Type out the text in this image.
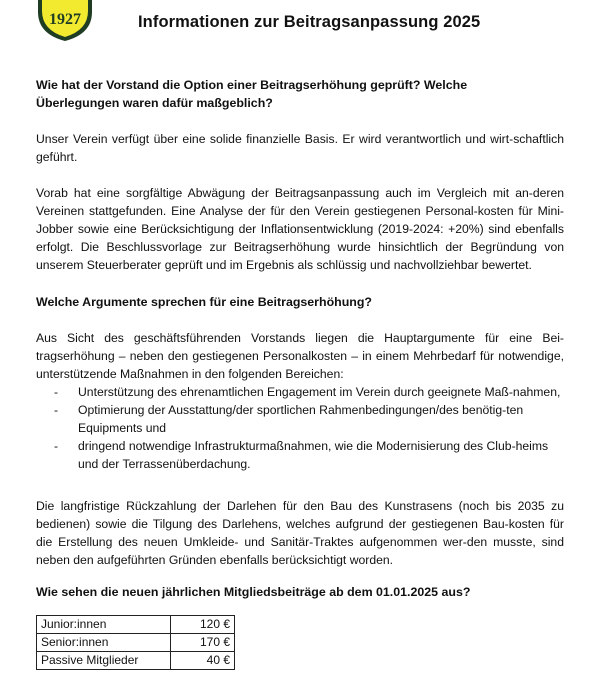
1927	Informationen zur Beitragsanpassung 2025

Wie hat der Vorstand die Option einer Beitragserhöhung geprüft? Welche Überlegungen waren dafür maßgeblich?

Unser Verein verfügt über eine solide finanzielle Basis. Er wird verantwortlich und wirt-schaftlich geführt.

Vorab hat eine sorgfältige Abwägung der Beitragsanpassung auch im Vergleich mit an-deren Vereinen stattgefunden. Eine Analyse der für den Verein gestiegenen Personal-kosten für Mini-Jobber sowie eine Berücksichtigung der Inflationsentwicklung (2019-2024: +20%) sind ebenfalls erfolgt. Die Beschlussvorlage zur Beitragserhöhung wurde hinsichtlich der Begründung von unserem Steuerberater geprüft und im Ergebnis als schlüssig und nachvollziehbar bewertet.

Welche Argumente sprechen für eine Beitragserhöhung?

Aus Sicht des geschäftsführenden Vorstands liegen die Hauptargumente für eine Bei-tragserhöhung – neben den gestiegenen Personalkosten – in einem Mehrbedarf für notwendige, unterstützende Maßnahmen in den folgenden Bereichen:

-	Unterstützung des ehrenamtlichen Engagement im Verein durch geeignete Maß-nahmen,
-	Optimierung der Ausstattung/der sportlichen Rahmenbedingungen/des benötig-ten Equipments und
-	dringend notwendige Infrastrukturmaßnahmen, wie die Modernisierung des Club-heims und der Terrassenüberdachung.

Die langfristige Rückzahlung der Darlehen für den Bau des Kunstrasens (noch bis 2035 zu bedienen) sowie die Tilgung des Darlehens, welches aufgrund der gestiegenen Bau-kosten für die Erstellung des neuen Umkleide- und Sanitär-Traktes aufgenommen wer-den musste, sind neben den aufgeführten Gründen ebenfalls berücksichtigt worden.

Wie sehen die neuen jährlichen Mitgliedsbeiträge ab dem 01.01.2025 aus?

Junior:innen	120 €
Senior:innen	170 €
Passive Mitglieder	40 €
